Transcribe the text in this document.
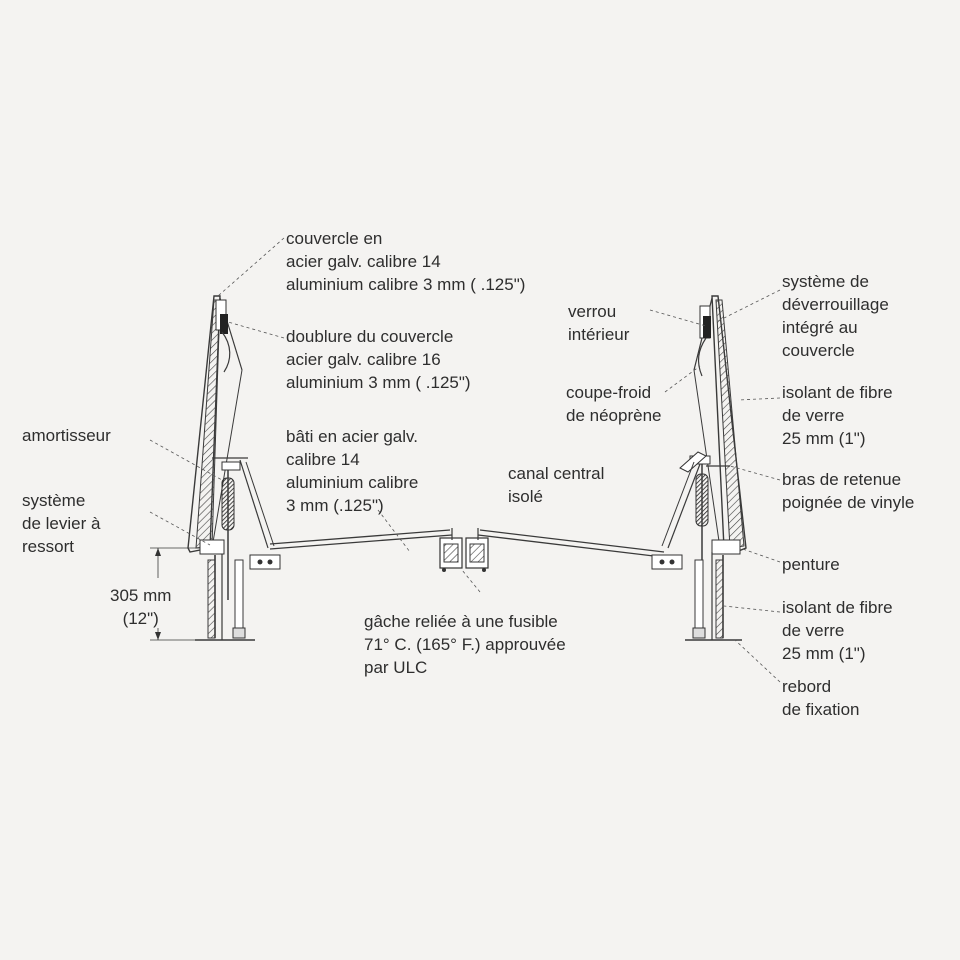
couvercle en
acier galv. calibre 14
aluminium calibre 3 mm ( .125")
doublure du couvercle
acier galv. calibre 16
aluminium 3 mm ( .125")
bâti en acier galv.
calibre 14
aluminium calibre
3 mm (.125")
amortisseur
système
de levier à
ressort
305 mm
(12")
canal central
isolé
gâche reliée à une fusible
71° C. (165° F.) approuvée
par ULC
verrou
intérieur
coupe-froid
de néoprène
système de
déverrouillage
intégré au
couvercle
isolant de fibre
de verre
25 mm (1")
bras de retenue
poignée de vinyle
penture
isolant de fibre
de verre
25 mm (1")
rebord
de fixation
